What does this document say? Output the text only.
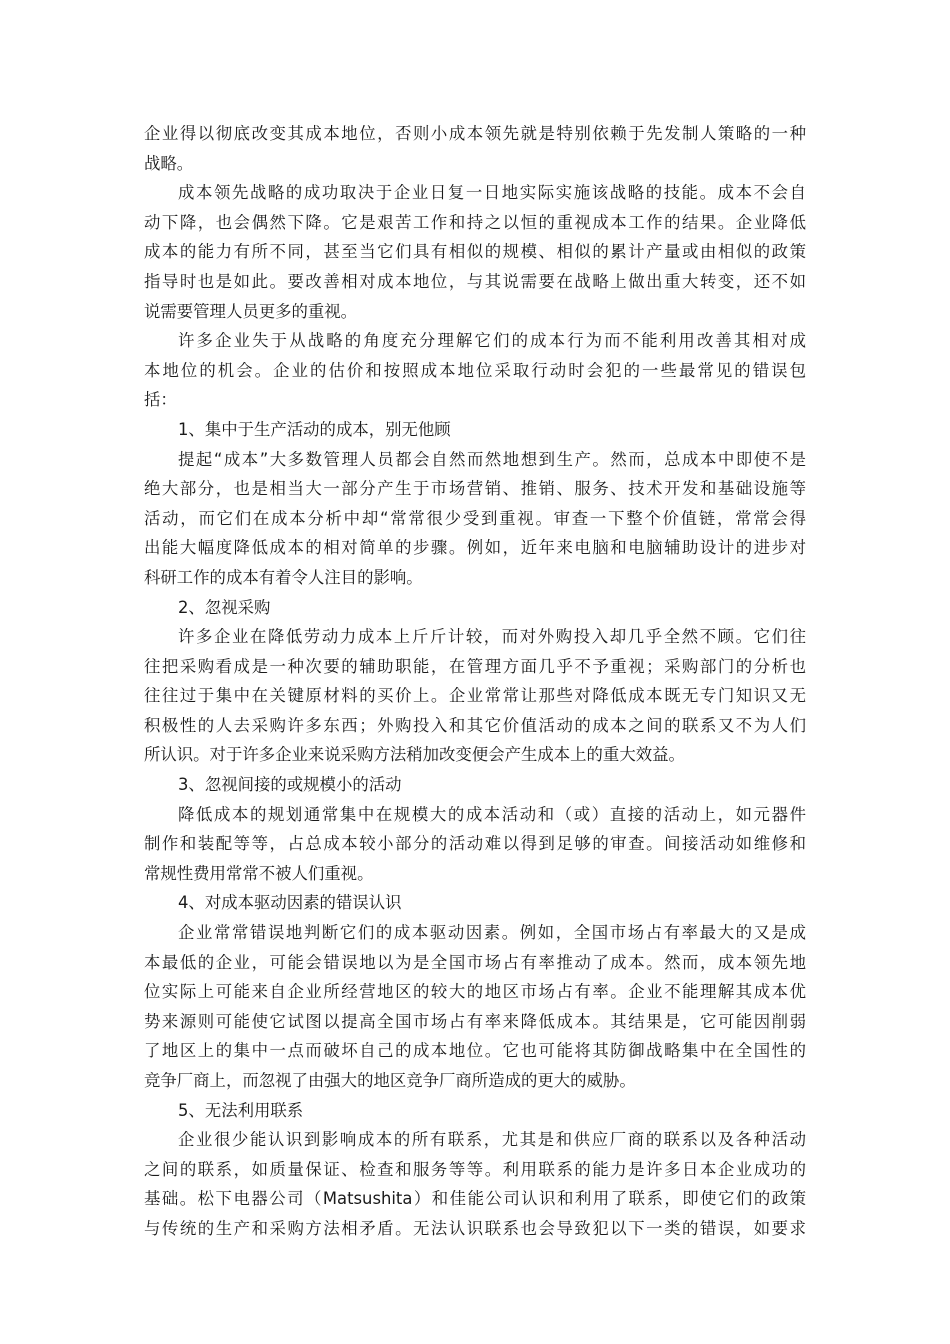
企业得以彻底改变其成本地位，否则小成本领先就是特别依赖于先发制人策略的一种
战略。
成本领先战略的成功取决于企业日复一日地实际实施该战略的技能。成本不会自
动下降，也会偶然下降。它是艰苦工作和持之以恒的重视成本工作的结果。企业降低
成本的能力有所不同，甚至当它们具有相似的规模、相似的累计产量或由相似的政策
指导时也是如此。要改善相对成本地位，与其说需要在战略上做出重大转变，还不如
说需要管理人员更多的重视。
许多企业失于从战略的角度充分理解它们的成本行为而不能利用改善其相对成
本地位的机会。企业的估价和按照成本地位采取行动时会犯的一些最常见的错误包
括：
1、集中于生产活动的成本，别无他顾
提起“成本”大多数管理人员都会自然而然地想到生产。然而，总成本中即使不是
绝大部分，也是相当大一部分产生于市场营销、推销、服务、技术开发和基础设施等
活动，而它们在成本分析中却“常常很少受到重视。审查一下整个价值链，常常会得
出能大幅度降低成本的相对简单的步骤。例如，近年来电脑和电脑辅助设计的进步对
科研工作的成本有着令人注目的影响。
2、忽视采购
许多企业在降低劳动力成本上斤斤计较，而对外购投入却几乎全然不顾。它们往
往把采购看成是一种次要的辅助职能，在管理方面几乎不予重视；采购部门的分析也
往往过于集中在关键原材料的买价上。企业常常让那些对降低成本既无专门知识又无
积极性的人去采购许多东西；外购投入和其它价值活动的成本之间的联系又不为人们
所认识。对于许多企业来说采购方法稍加改变便会产生成本上的重大效益。
3、忽视间接的或规模小的活动
降低成本的规划通常集中在规模大的成本活动和（或）直接的活动上，如元器件
制作和装配等等，占总成本较小部分的活动难以得到足够的审查。间接活动如维修和
常规性费用常常不被人们重视。
4、对成本驱动因素的错误认识
企业常常错误地判断它们的成本驱动因素。例如，全国市场占有率最大的又是成
本最低的企业，可能会错误地以为是全国市场占有率推动了成本。然而，成本领先地
位实际上可能来自企业所经营地区的较大的地区市场占有率。企业不能理解其成本优
势来源则可能使它试图以提高全国市场占有率来降低成本。其结果是，它可能因削弱
了地区上的集中一点而破坏自己的成本地位。它也可能将其防御战略集中在全国性的
竞争厂商上，而忽视了由强大的地区竞争厂商所造成的更大的威胁。
5、无法利用联系
企业很少能认识到影响成本的所有联系，尤其是和供应厂商的联系以及各种活动
之间的联系，如质量保证、检查和服务等等。利用联系的能力是许多日本企业成功的
基础。松下电器公司（Matsushita）和佳能公司认识和利用了联系，即使它们的政策
与传统的生产和采购方法相矛盾。无法认识联系也会导致犯以下一类的错误，如要求
